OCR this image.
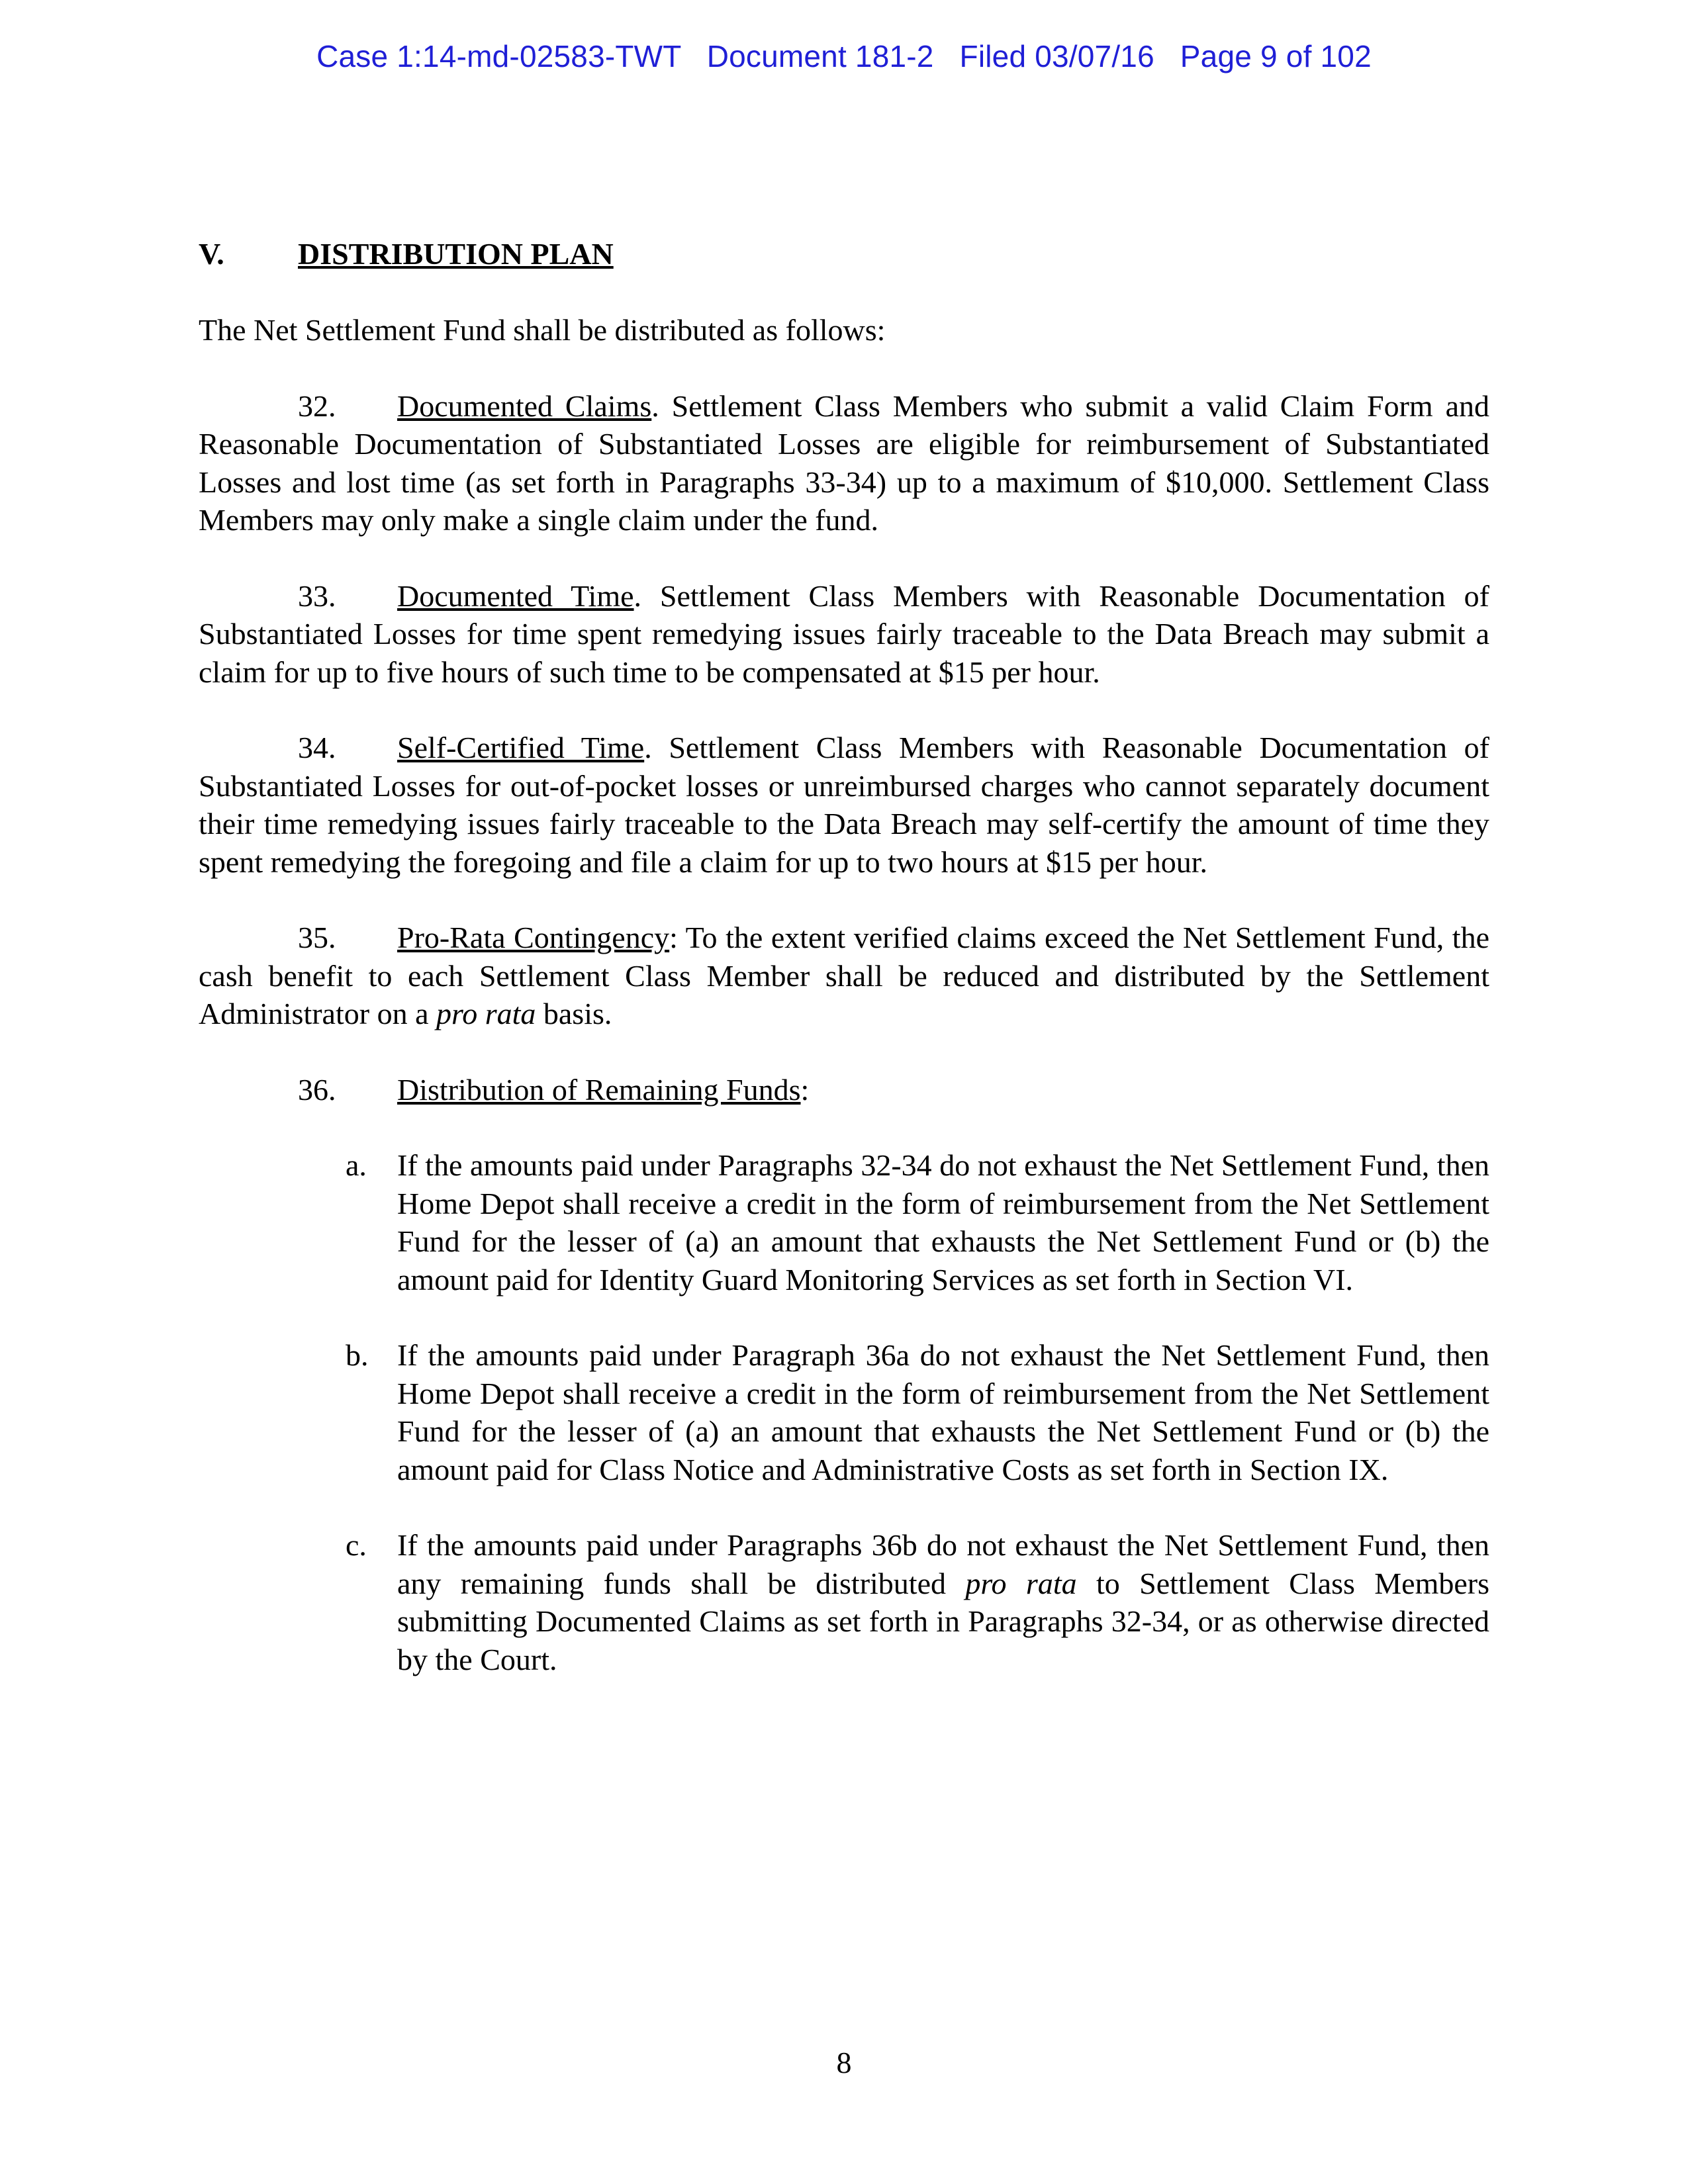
Case 1:14-md-02583-TWT   Document 181-2   Filed 03/07/16   Page 9 of 102
V. DISTRIBUTION PLAN

The Net Settlement Fund shall be distributed as follows:

32. Documented Claims. Settlement Class Members who submit a valid Claim Form and Reasonable Documentation of Substantiated Losses are eligible for reimbursement of Substantiated Losses and lost time (as set forth in Paragraphs 33-34) up to a maximum of $10,000. Settlement Class Members may only make a single claim under the fund.

33. Documented Time. Settlement Class Members with Reasonable Documentation of Substantiated Losses for time spent remedying issues fairly traceable to the Data Breach may submit a claim for up to five hours of such time to be compensated at $15 per hour.

34. Self-Certified Time. Settlement Class Members with Reasonable Documentation of Substantiated Losses for out-of-pocket losses or unreimbursed charges who cannot separately document their time remedying issues fairly traceable to the Data Breach may self-certify the amount of time they spent remedying the foregoing and file a claim for up to two hours at $15 per hour.

35. Pro-Rata Contingency: To the extent verified claims exceed the Net Settlement Fund, the cash benefit to each Settlement Class Member shall be reduced and distributed by the Settlement Administrator on a pro rata basis.

36. Distribution of Remaining Funds:

a. If the amounts paid under Paragraphs 32-34 do not exhaust the Net Settlement Fund, then Home Depot shall receive a credit in the form of reimbursement from the Net Settlement Fund for the lesser of (a) an amount that exhausts the Net Settlement Fund or (b) the amount paid for Identity Guard Monitoring Services as set forth in Section VI.
b. If the amounts paid under Paragraph 36a do not exhaust the Net Settlement Fund, then Home Depot shall receive a credit in the form of reimbursement from the Net Settlement Fund for the lesser of (a) an amount that exhausts the Net Settlement Fund or (b) the amount paid for Class Notice and Administrative Costs as set forth in Section IX.
c. If the amounts paid under Paragraphs 36b do not exhaust the Net Settlement Fund, then any remaining funds shall be distributed pro rata to Settlement Class Members submitting Documented Claims as set forth in Paragraphs 32-34, or as otherwise directed by the Court.
8
